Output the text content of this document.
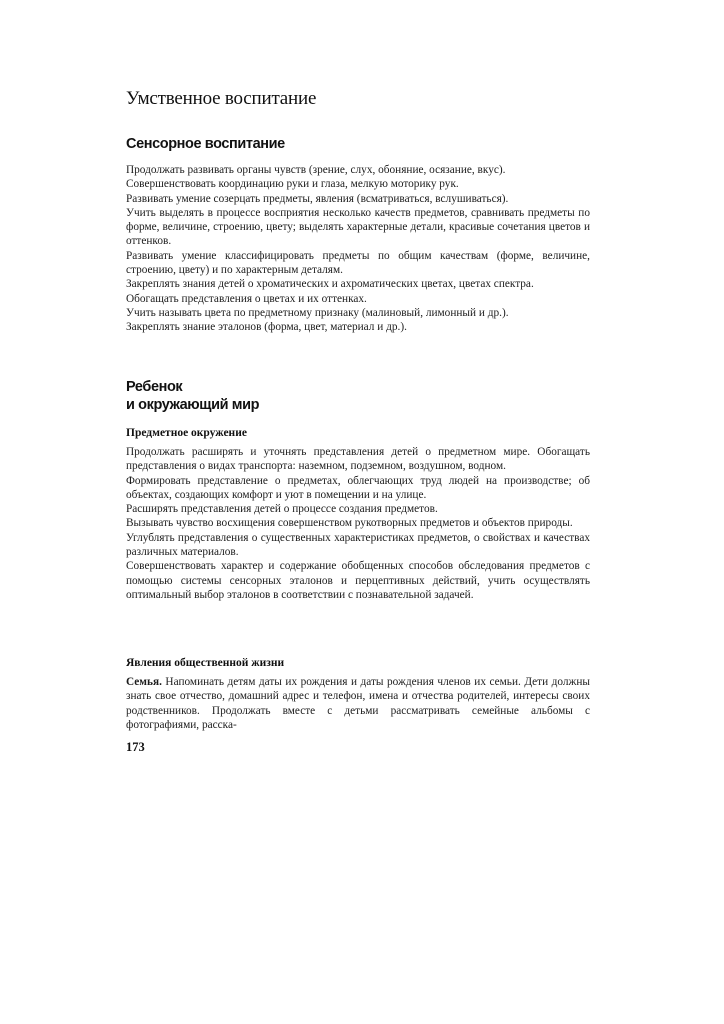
Умственное воспитание
Сенсорное воспитание

Продолжать развивать органы чувств (зрение, слух, обоняние, осязание, вкус).

Совершенствовать координацию руки и глаза, мелкую моторику рук.

Развивать умение созерцать предметы, явления (всматриваться, вслушиваться).

Учить выделять в процессе восприятия несколько качеств предметов, сравнивать предметы по форме, величине, строению, цвету; выделять характерные детали, красивые сочетания цветов и оттенков.

Развивать умение классифицировать предметы по общим качествам (форме, величине, строению, цвету) и по характерным деталям.

Закреплять знания детей о хроматических и ахроматических цветах, цветах спектра.

Обогащать представления о цветах и их оттенках.

Учить называть цвета по предметному признаку (малиновый, лимонный и др.).

Закреплять знание эталонов (форма, цвет, материал и др.).

Ребенок
и окружающий мир
Предметное окружение

Продолжать расширять и уточнять представления детей о предметном мире. Обогащать представления о видах транспорта: наземном, подземном, воздушном, водном.

Формировать представление о предметах, облегчающих труд людей на производстве; об объектах, создающих комфорт и уют в помещении и на улице.

Расширять представления детей о процессе создания предметов.

Вызывать чувство восхищения совершенством рукотворных предметов и объектов природы.

Углублять представления о существенных характеристиках предметов, о свойствах и качествах различных материалов.

Совершенствовать характер и содержание обобщенных способов обследования предметов с помощью системы сенсорных эталонов и перцептивных действий, учить осуществлять оптимальный выбор эталонов в соответствии с познавательной задачей.

Явления общественной жизни

Семья. Напоминать детям даты их рождения и даты рождения членов их семьи. Дети должны знать свое отчество, домашний адрес и телефон, имена и отчества родителей, интересы своих родственников. Продолжать вместе с детьми рассматривать семейные альбомы с фотографиями, расска-

173
